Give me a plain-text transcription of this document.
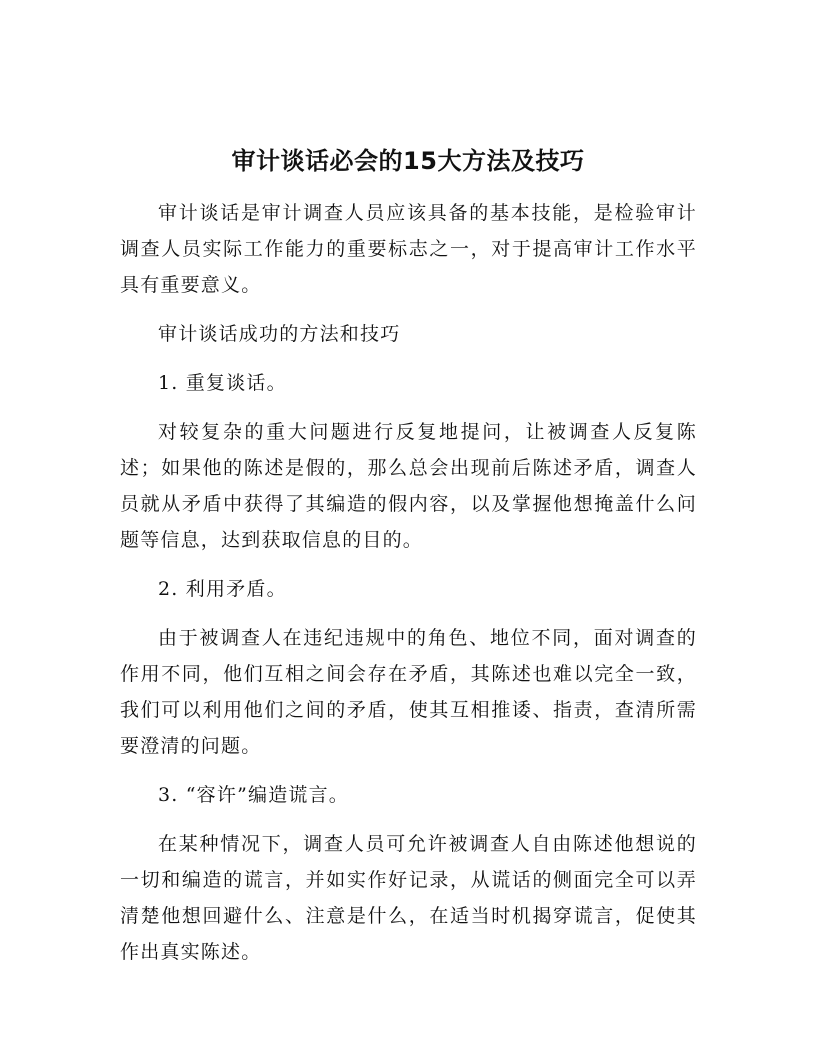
审计谈话必会的15大方法及技巧

审计谈话是审计调查人员应该具备的基本技能，是检验审计调查人员实际工作能力的重要标志之一，对于提高审计工作水平具有重要意义。

审计谈话成功的方法和技巧

1. 重复谈话。

对较复杂的重大问题进行反复地提问，让被调查人反复陈述；如果他的陈述是假的，那么总会出现前后陈述矛盾，调查人员就从矛盾中获得了其编造的假内容，以及掌握他想掩盖什么问题等信息，达到获取信息的目的。

2. 利用矛盾。

由于被调查人在违纪违规中的角色、地位不同，面对调查的作用不同，他们互相之间会存在矛盾，其陈述也难以完全一致，我们可以利用他们之间的矛盾，使其互相推诿、指责，查清所需要澄清的问题。

3. “容许”编造谎言。

在某种情况下，调查人员可允许被调查人自由陈述他想说的一切和编造的谎言，并如实作好记录，从谎话的侧面完全可以弄清楚他想回避什么、注意是什么，在适当时机揭穿谎言，促使其作出真实陈述。
